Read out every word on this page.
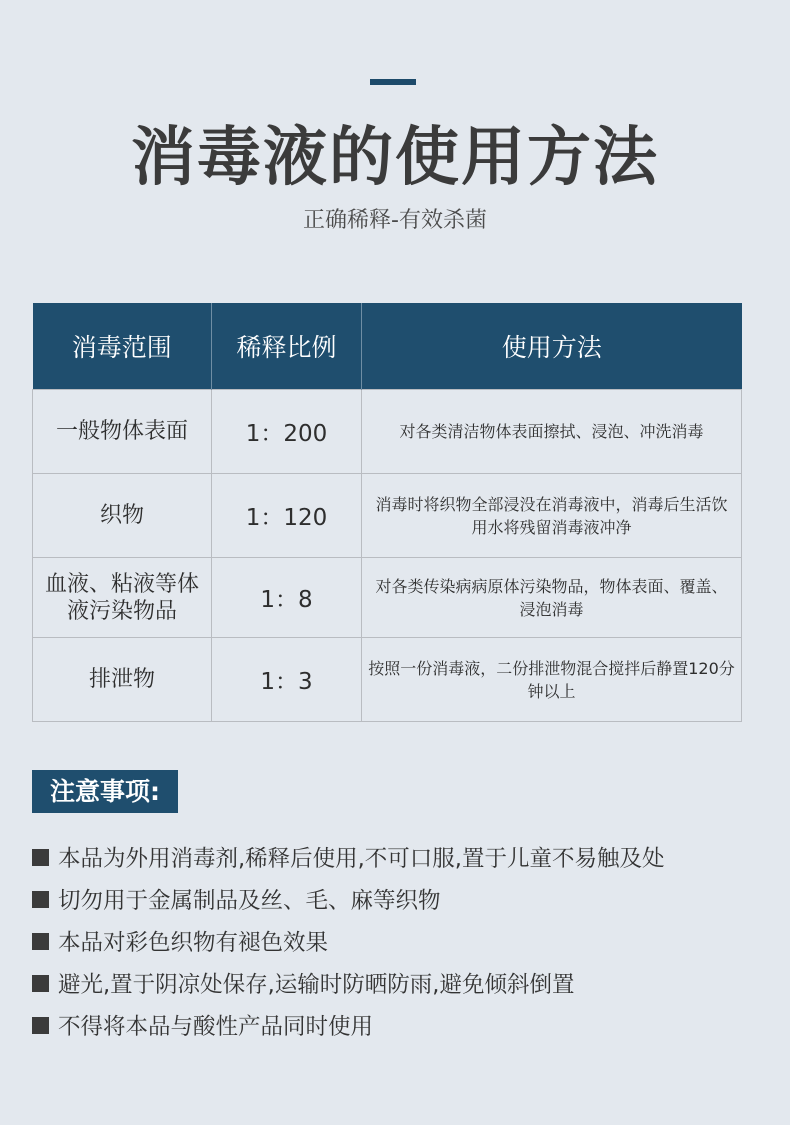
消毒液的使用方法
正确稀释-有效杀菌
消毒范围	稀释比例	使用方法
一般物体表面	1：200	对各类清洁物体表面擦拭、浸泡、冲洗消毒
织物	1：120	消毒时将织物全部浸没在消毒液中，消毒后生活饮用水将残留消毒液冲净
血液、粘液等体液污染物品	1：8	对各类传染病病原体污染物品，物体表面、覆盖、浸泡消毒
排泄物	1：3	按照一份消毒液，二份排泄物混合搅拌后静置120分钟以上
注意事项:
本品为外用消毒剂,稀释后使用,不可口服,置于儿童不易触及处
切勿用于金属制品及丝、毛、麻等织物
本品对彩色织物有褪色效果
避光,置于阴凉处保存,运输时防晒防雨,避免倾斜倒置
不得将本品与酸性产品同时使用
